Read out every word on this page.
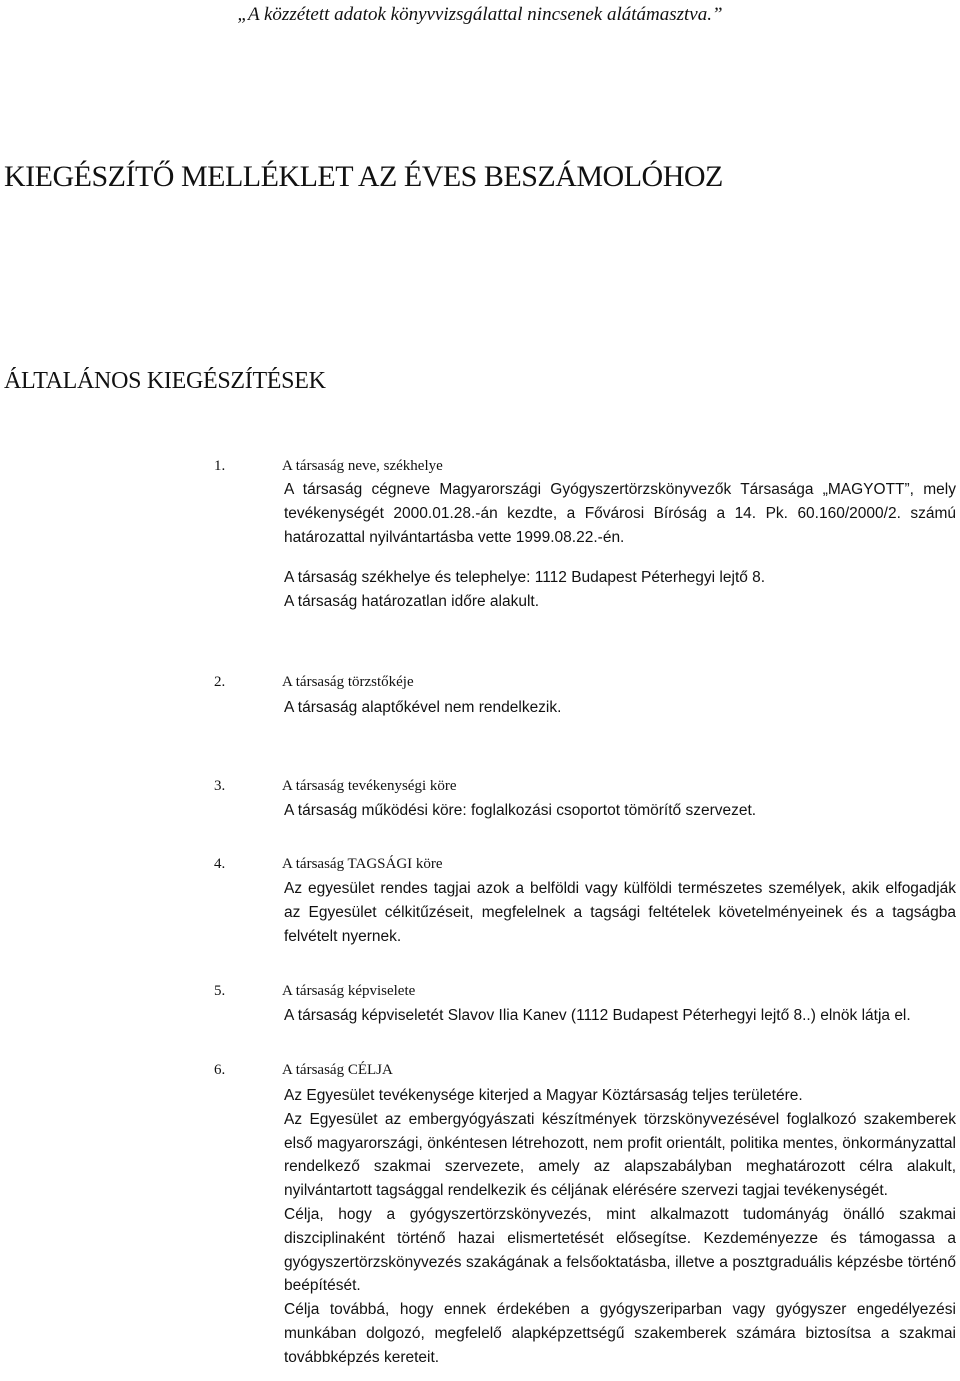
„A közzétett adatok könyvvizsgálattal nincsenek alátámasztva.”
KIEGÉSZÍTŐ MELLÉKLET AZ ÉVES BESZÁMOLÓHOZ
ÁLTALÁNOS KIEGÉSZÍTÉSEK
1.	A társaság neve, székhelye

A társaság cégneve Magyarországi Gyógyszertörzskönyvezők Társasága „MAGYOTT”, mely tevékenységét 2000.01.28.-án kezdte, a Fővárosi Bíróság a 14. Pk. 60.160/2000/2. számú határozattal nyilvántartásba vette 1999.08.22.-én.

A társaság székhelye és telephelye: 1112 Budapest Péterhegyi lejtő 8.

A társaság határozatlan időre alakult.

2.	A társaság törzstőkéje

A társaság alaptőkével nem rendelkezik.

3.	A társaság tevékenységi köre

A társaság működési köre: foglalkozási csoportot tömörítő szervezet.

4.	A társaság TAGSÁGI köre

Az egyesület rendes tagjai azok a belföldi vagy külföldi természetes személyek, akik elfogadják az Egyesület célkitűzéseit, megfelelnek a tagsági feltételek követelményeinek és a tagságba felvételt nyernek.

5.	A társaság képviselete

A társaság képviseletét Slavov Ilia Kanev (1112 Budapest Péterhegyi lejtő 8..) elnök látja el.

6.	A társaság CÉLJA

Az Egyesület tevékenysége kiterjed a Magyar Köztársaság teljes területére.

Az Egyesület az embergyógyászati készítmények törzskönyvezésével foglalkozó szakemberek első magyarországi, önkéntesen létrehozott, nem profit orientált, politika mentes, önkormányzattal rendelkező szakmai szervezete, amely az alapszabályban meghatározott célra alakult, nyilvántartott tagsággal rendelkezik és céljának elérésére szervezi tagjai tevékenységét.

Célja, hogy a gyógyszertörzskönyvezés, mint alkalmazott tudományág önálló szakmai diszciplinaként történő hazai elismertetését elősegítse. Kezdeményezze és támogassa a gyógyszertörzskönyvezés szakágának a felsőoktatásba, illetve a posztgraduális képzésbe történő beépítését.

Célja továbbá, hogy ennek érdekében a gyógyszeriparban vagy gyógyszer engedélyezési munkában dolgozó, megfelelő alapképzettségű szakemberek számára biztosítsa a szakmai továbbképzés kereteit.
